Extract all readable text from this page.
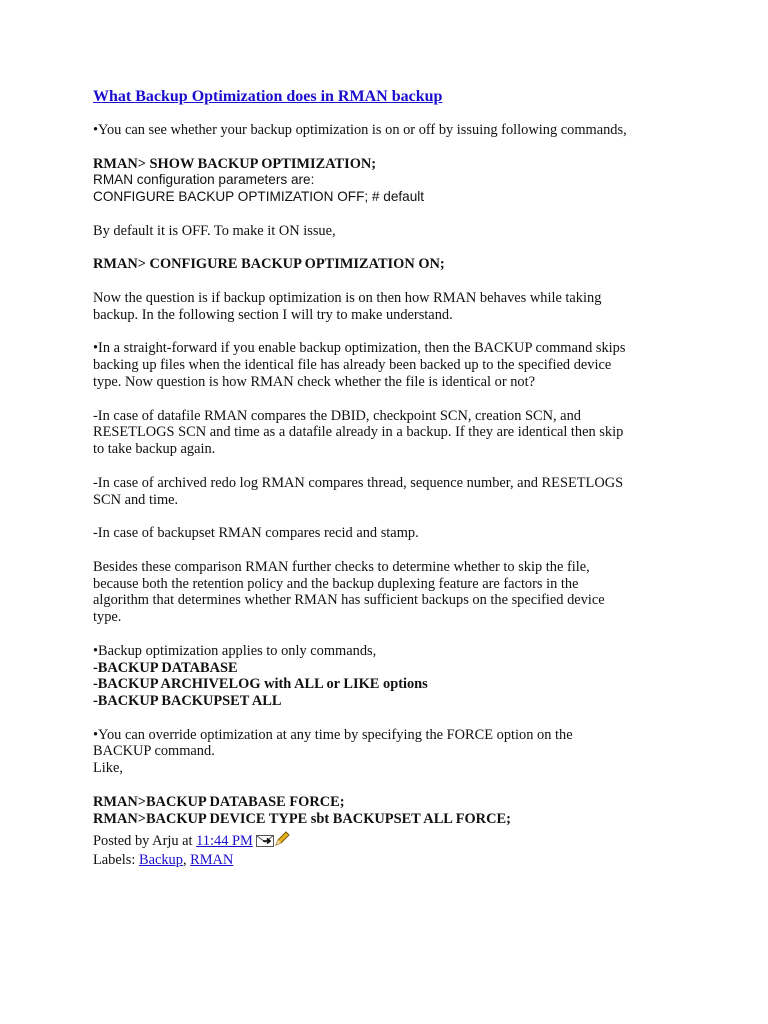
What Backup Optimization does in RMAN backup
•You can see whether your backup optimization is on or off by issuing following commands,
RMAN> SHOW BACKUP OPTIMIZATION;
RMAN configuration parameters are:
CONFIGURE BACKUP OPTIMIZATION OFF; # default
By default it is OFF. To make it ON issue,
RMAN> CONFIGURE BACKUP OPTIMIZATION ON;
Now the question is if backup optimization is on then how RMAN behaves while taking
backup. In the following section I will try to make understand.
•In a straight-forward if you enable backup optimization, then the BACKUP command skips
backing up files when the identical file has already been backed up to the specified device
type. Now question is how RMAN check whether the file is identical or not?
-In case of datafile RMAN compares the DBID, checkpoint SCN, creation SCN, and
RESETLOGS SCN and time as a datafile already in a backup. If they are identical then skip
to take backup again.
-In case of archived redo log RMAN compares thread, sequence number, and RESETLOGS
SCN and time.
-In case of backupset RMAN compares recid and stamp.
Besides these comparison RMAN further checks to determine whether to skip the file,
because both the retention policy and the backup duplexing feature are factors in the
algorithm that determines whether RMAN has sufficient backups on the specified device
type.
•Backup optimization applies to only commands,
-BACKUP DATABASE
-BACKUP ARCHIVELOG with ALL or LIKE options
-BACKUP BACKUPSET ALL
•You can override optimization at any time by specifying the FORCE option on the
BACKUP command.
Like,
RMAN>BACKUP DATABASE FORCE;
RMAN>BACKUP DEVICE TYPE sbt BACKUPSET ALL FORCE;
Posted by Arju at 11:44 PM
Labels: Backup, RMAN
